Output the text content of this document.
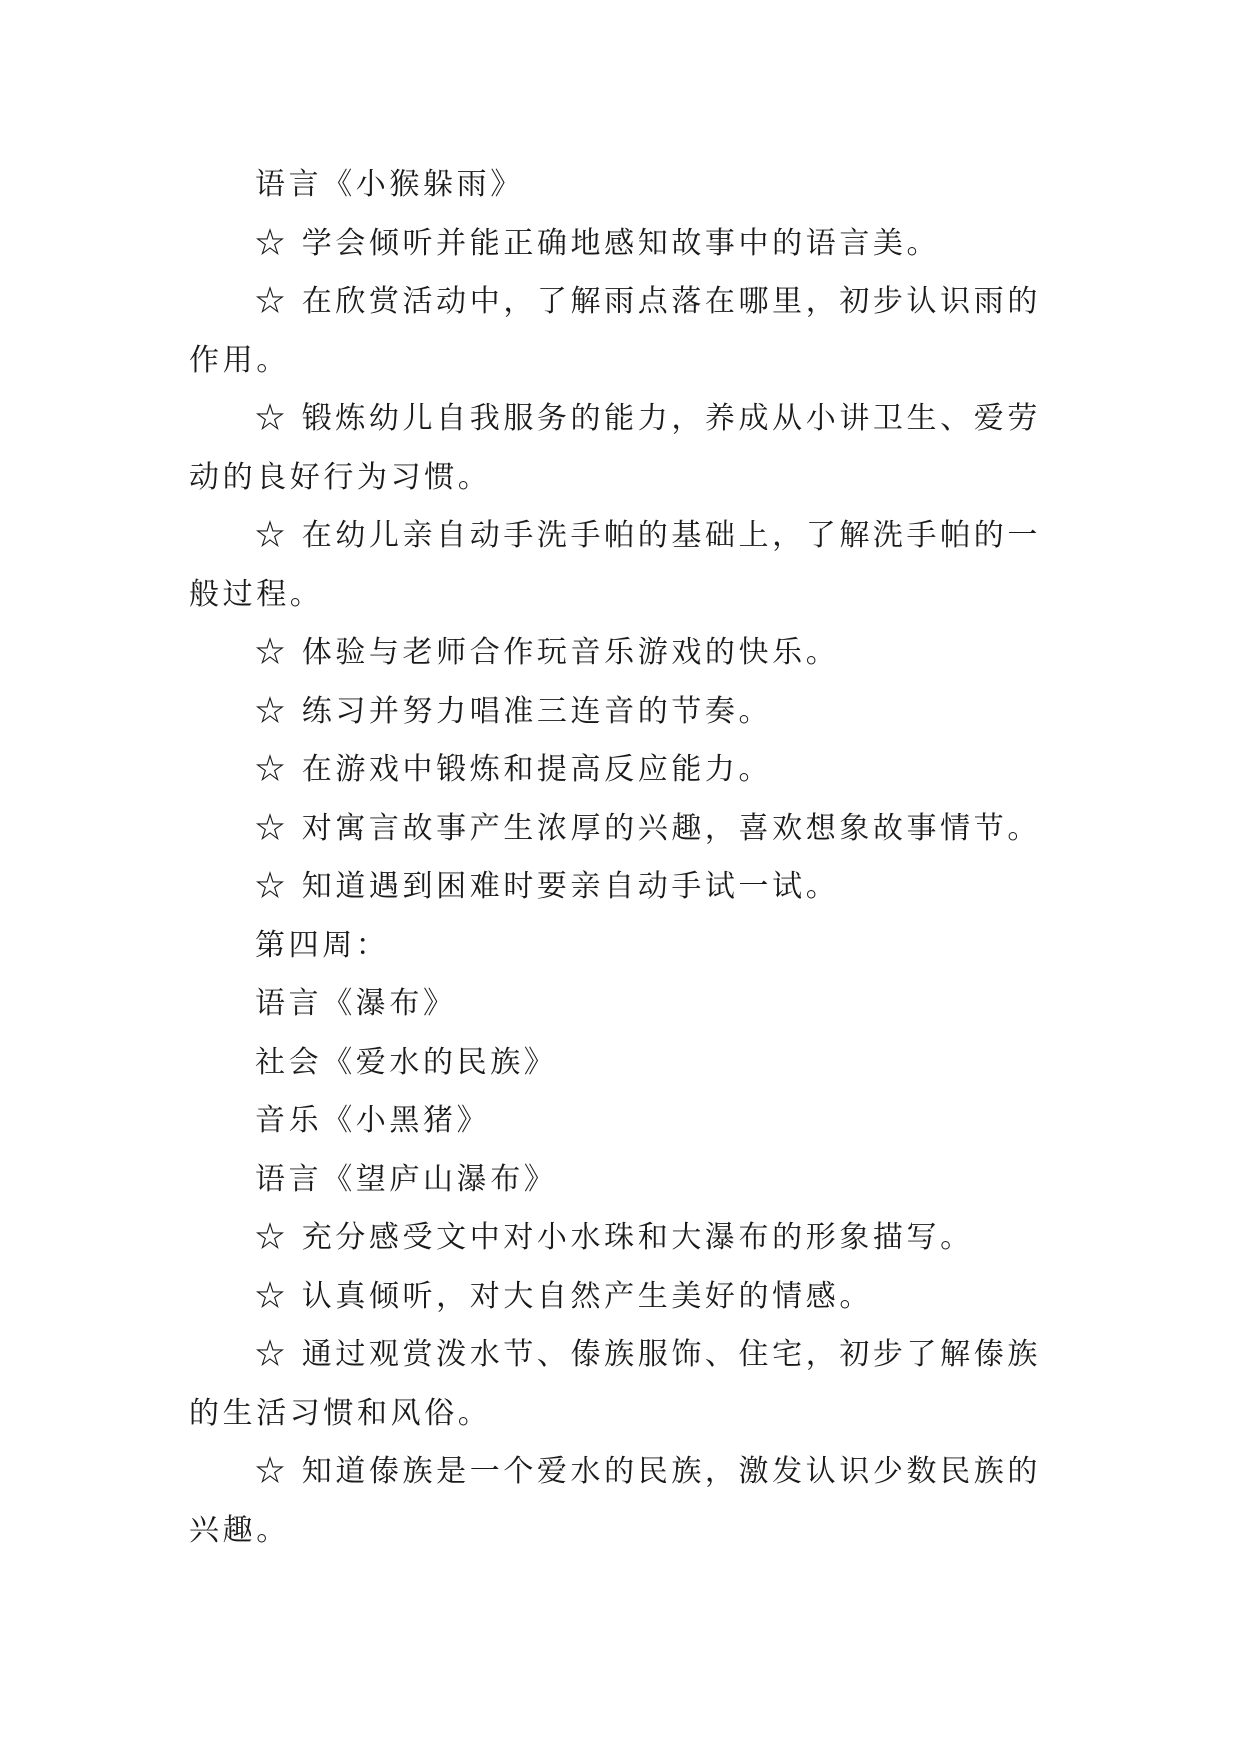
语言《小猴躲雨》

☆ 学会倾听并能正确地感知故事中的语言美。

☆ 在欣赏活动中，了解雨点落在哪里，初步认识雨的作用。

☆ 锻炼幼儿自我服务的能力，养成从小讲卫生、爱劳动的良好行为习惯。

☆ 在幼儿亲自动手洗手帕的基础上，了解洗手帕的一般过程。

☆ 体验与老师合作玩音乐游戏的快乐。

☆ 练习并努力唱准三连音的节奏。

☆ 在游戏中锻炼和提高反应能力。

☆ 对寓言故事产生浓厚的兴趣，喜欢想象故事情节。

☆ 知道遇到困难时要亲自动手试一试。

第四周：

语言《瀑布》

社会《爱水的民族》

音乐《小黑猪》

语言《望庐山瀑布》

☆ 充分感受文中对小水珠和大瀑布的形象描写。

☆ 认真倾听，对大自然产生美好的情感。

☆ 通过观赏泼水节、傣族服饰、住宅，初步了解傣族的生活习惯和风俗。

☆ 知道傣族是一个爱水的民族，激发认识少数民族的兴趣。
